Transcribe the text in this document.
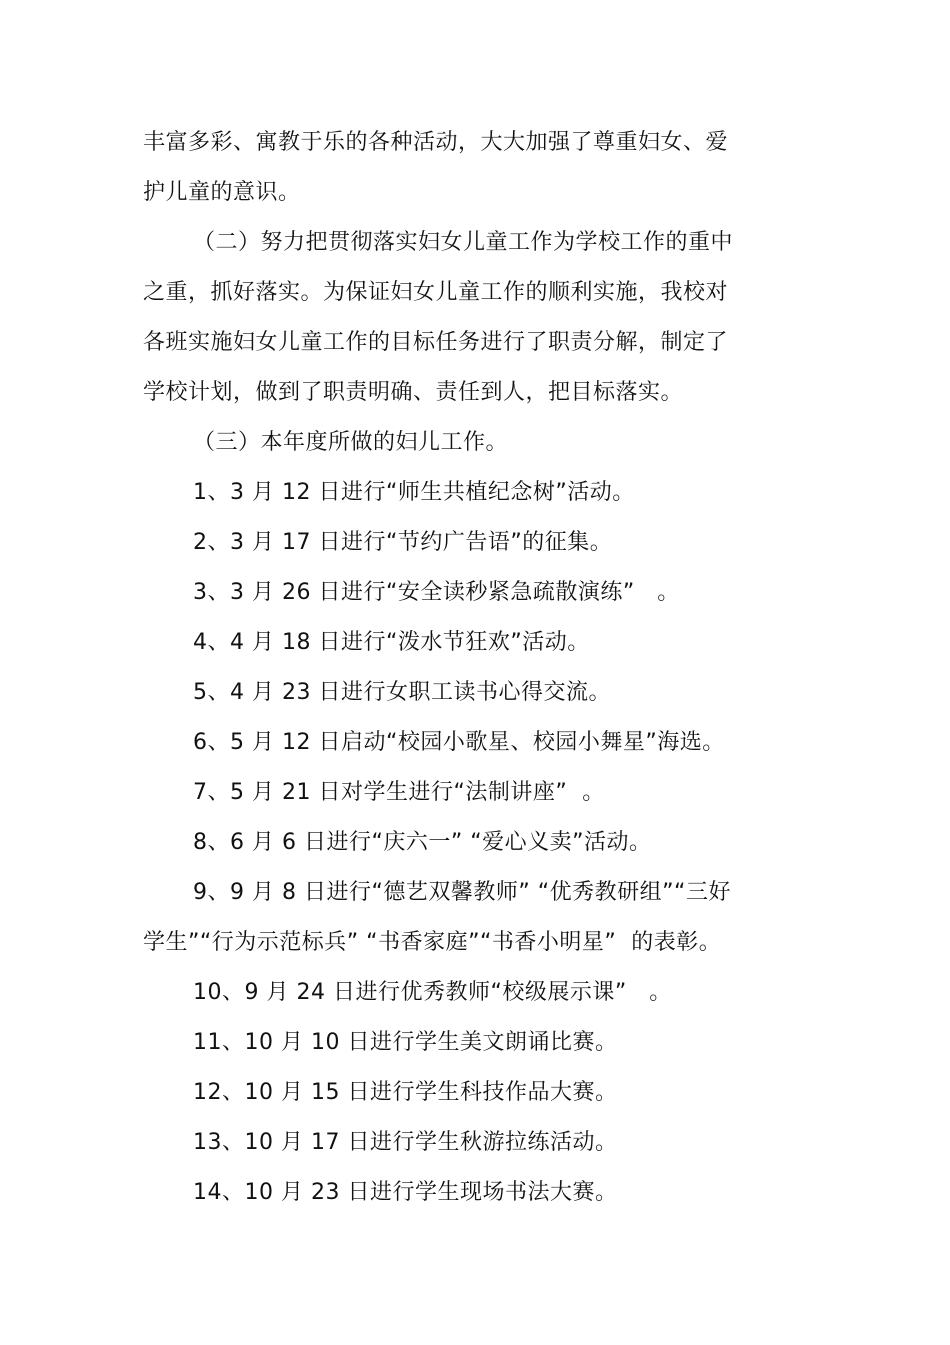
丰富多彩、寓教于乐的各种活动，大大加强了尊重妇女、爱
护儿童的意识。
（二）努力把贯彻落实妇女儿童工作为学校工作的重中
之重，抓好落实。为保证妇女儿童工作的顺利实施，我校对
各班实施妇女儿童工作的目标任务进行了职责分解，制定了
学校计划，做到了职责明确、责任到人，把目标落实。
（三）本年度所做的妇儿工作。
1、3 月 12 日进行“师生共植纪念树”活动。
2、3 月 17 日进行“节约广告语”的征集。
3、3 月 26 日进行“安全读秒紧急疏散演练”   。
4、4 月 18 日进行“泼水节狂欢”活动。
5、4 月 23 日进行女职工读书心得交流。
6、5 月 12 日启动“校园小歌星、校园小舞星”海选。
7、5 月 21 日对学生进行“法制讲座”  。
8、6 月 6 日进行“庆六一” “爱心义卖”活动。
9、9 月 8 日进行“德艺双馨教师” “优秀教研组”“三好
学生”“行为示范标兵” “书香家庭”“书香小明星”  的表彰。
10、9 月 24 日进行优秀教师“校级展示课”   。
11、10 月 10 日进行学生美文朗诵比赛。
12、10 月 15 日进行学生科技作品大赛。
13、10 月 17 日进行学生秋游拉练活动。
14、10 月 23 日进行学生现场书法大赛。
